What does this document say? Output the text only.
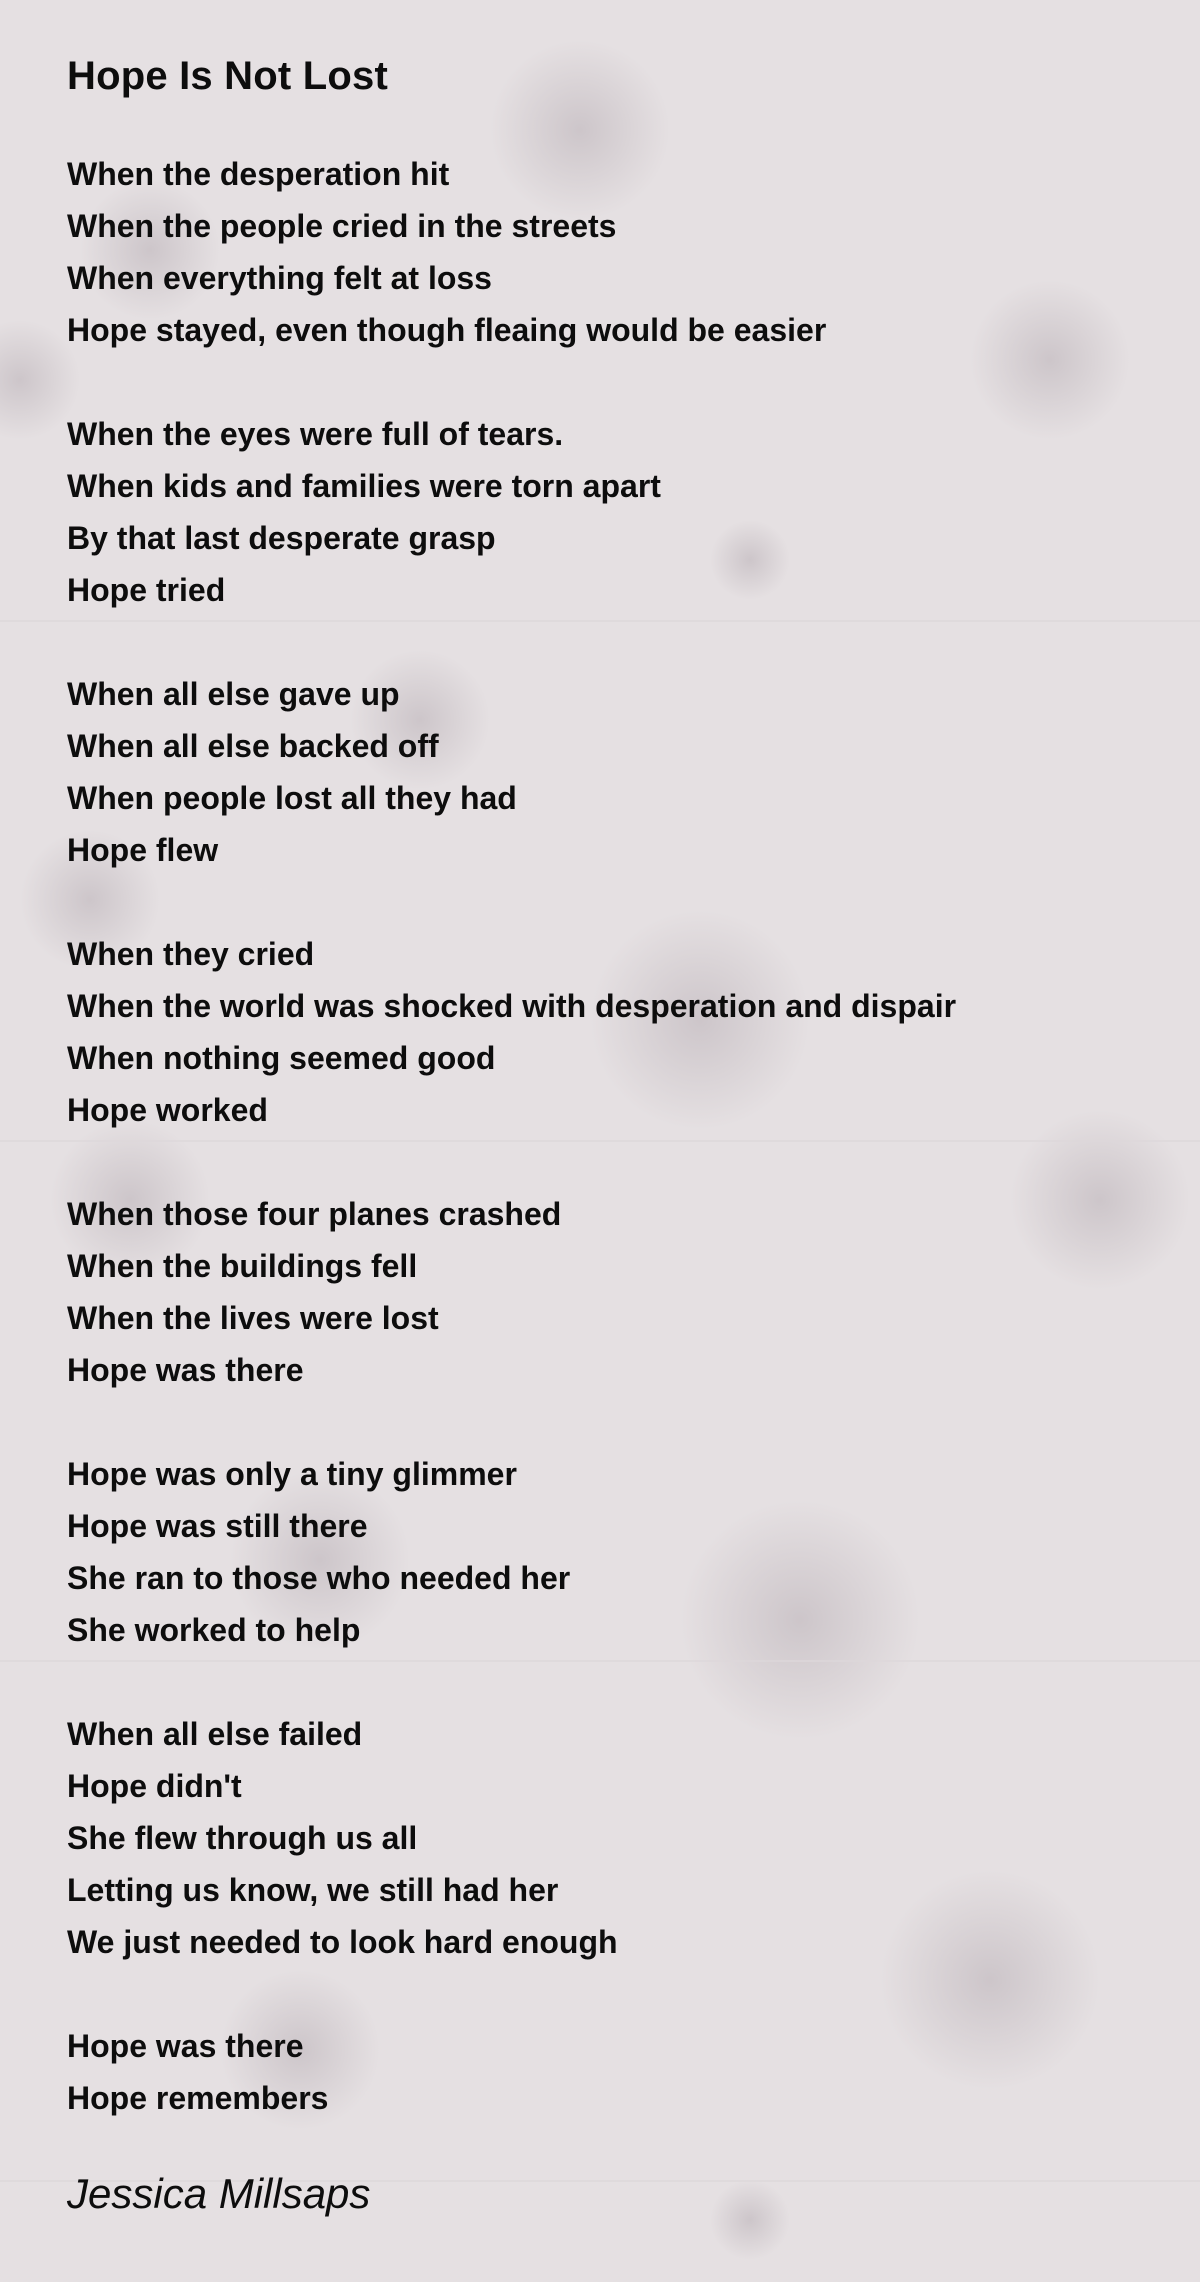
Hope Is Not Lost
When the desperation hit
When the people cried in the streets
When everything felt at loss
Hope stayed, even though fleaing would be easier
When the eyes were full of tears.
When kids and families were torn apart
By that last desperate grasp
Hope tried
When all else gave up
When all else backed off
When people lost all they had
Hope flew
When they cried
When the world was shocked with desperation and dispair
When nothing seemed good
Hope worked
When those four planes crashed
When the buildings fell
When the lives were lost
Hope was there
Hope was only a tiny glimmer
Hope was still there
She ran to those who needed her
She worked to help
When all else failed
Hope didn't
She flew through us all
Letting us know, we still had her
We just needed to look hard enough
Hope was there
Hope remembers
Jessica Millsaps
